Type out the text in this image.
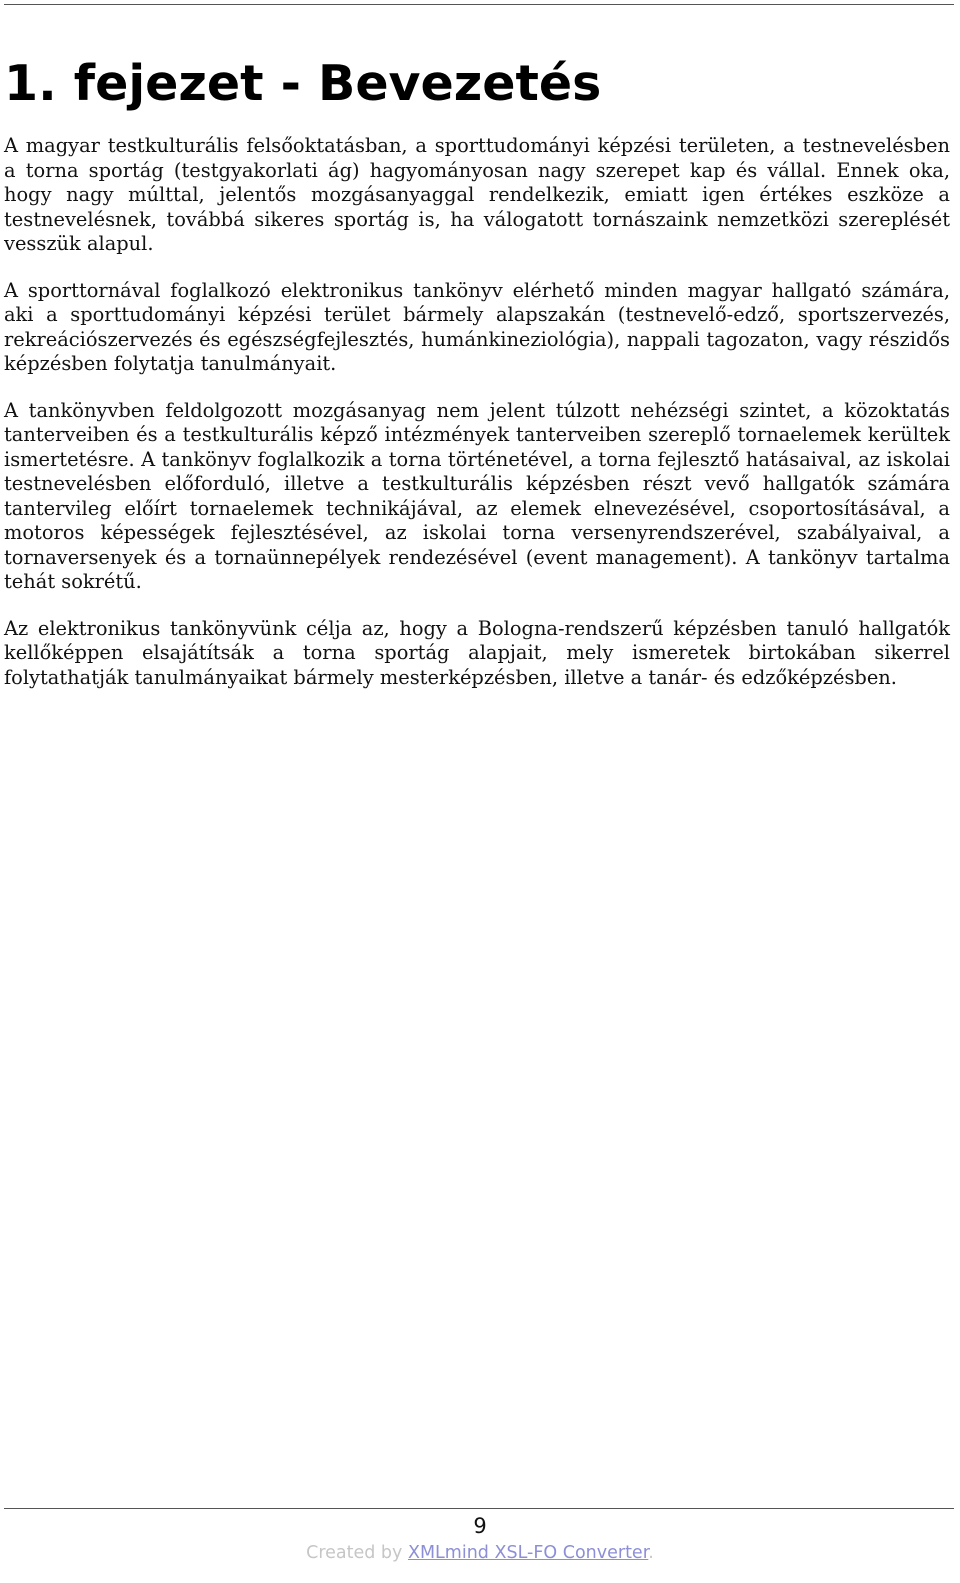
1. fejezet - Bevezetés

A magyar testkulturális felsőoktatásban, a sporttudományi képzési területen, a testnevelésben a torna sportág (testgyakorlati ág) hagyományosan nagy szerepet kap és vállal. Ennek oka, hogy nagy múlttal, jelentős mozgásanyaggal rendelkezik, emiatt igen értékes eszköze a testnevelésnek, továbbá sikeres sportág is, ha válogatott tornászaink nemzetközi szereplését vesszük alapul.

A sporttornával foglalkozó elektronikus tankönyv elérhető minden magyar hallgató számára, aki a sporttudományi képzési terület bármely alapszakán (testnevelő-edző, sportszervezés, rekreációszervezés és egészségfejlesztés, humánkineziológia), nappali tagozaton, vagy részidős képzésben folytatja tanulmányait.

A tankönyvben feldolgozott mozgásanyag nem jelent túlzott nehézségi szintet, a közoktatás tanterveiben és a testkulturális képző intézmények tanterveiben szereplő tornaelemek kerültek ismertetésre. A tankönyv foglalkozik a torna történetével, a torna fejlesztő hatásaival, az iskolai testnevelésben előforduló, illetve a testkulturális képzésben részt vevő hallgatók számára tantervileg előírt tornaelemek technikájával, az elemek elnevezésével, csoportosításával, a motoros képességek fejlesztésével, az iskolai torna versenyrendszerével, szabályaival, a tornaversenyek és a tornaünnepélyek rendezésével (event management). A tankönyv tartalma tehát sokrétű.

Az elektronikus tankönyvünk célja az, hogy a Bologna-rendszerű képzésben tanuló hallgatók kellőképpen elsajátítsák a torna sportág alapjait, mely ismeretek birtokában sikerrel folytathatják tanulmányaikat bármely mesterképzésben, illetve a tanár- és edzőképzésben.

9
Created by XMLmind XSL-FO Converter.
